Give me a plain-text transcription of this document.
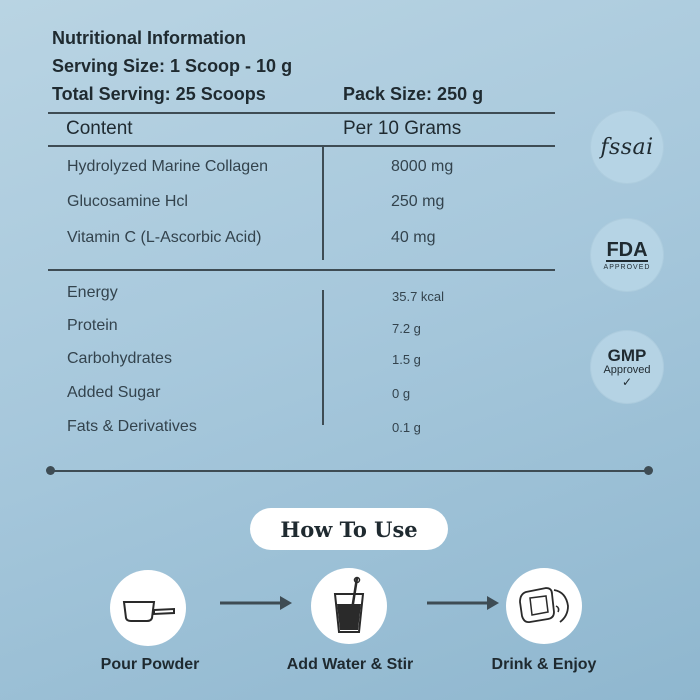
Nutritional Information
Serving Size: 1 Scoop - 10 g
Total Serving: 25 Scoops	Pack Size: 250 g
Content	Per 10 Grams
Hydrolyzed Marine Collagen	8000 mg
Glucosamine Hcl	250 mg
Vitamin C (L-Ascorbic Acid)	40 mg
Energy	35.7 kcal
Protein	7.2 g
Carbohydrates	1.5 g
Added Sugar	0 g
Fats & Derivatives	0.1 g
fssai
FDA
APPROVED
GMP
Approved
✓
How To Use
Pour Powder	Add Water & Stir	Drink & Enjoy
